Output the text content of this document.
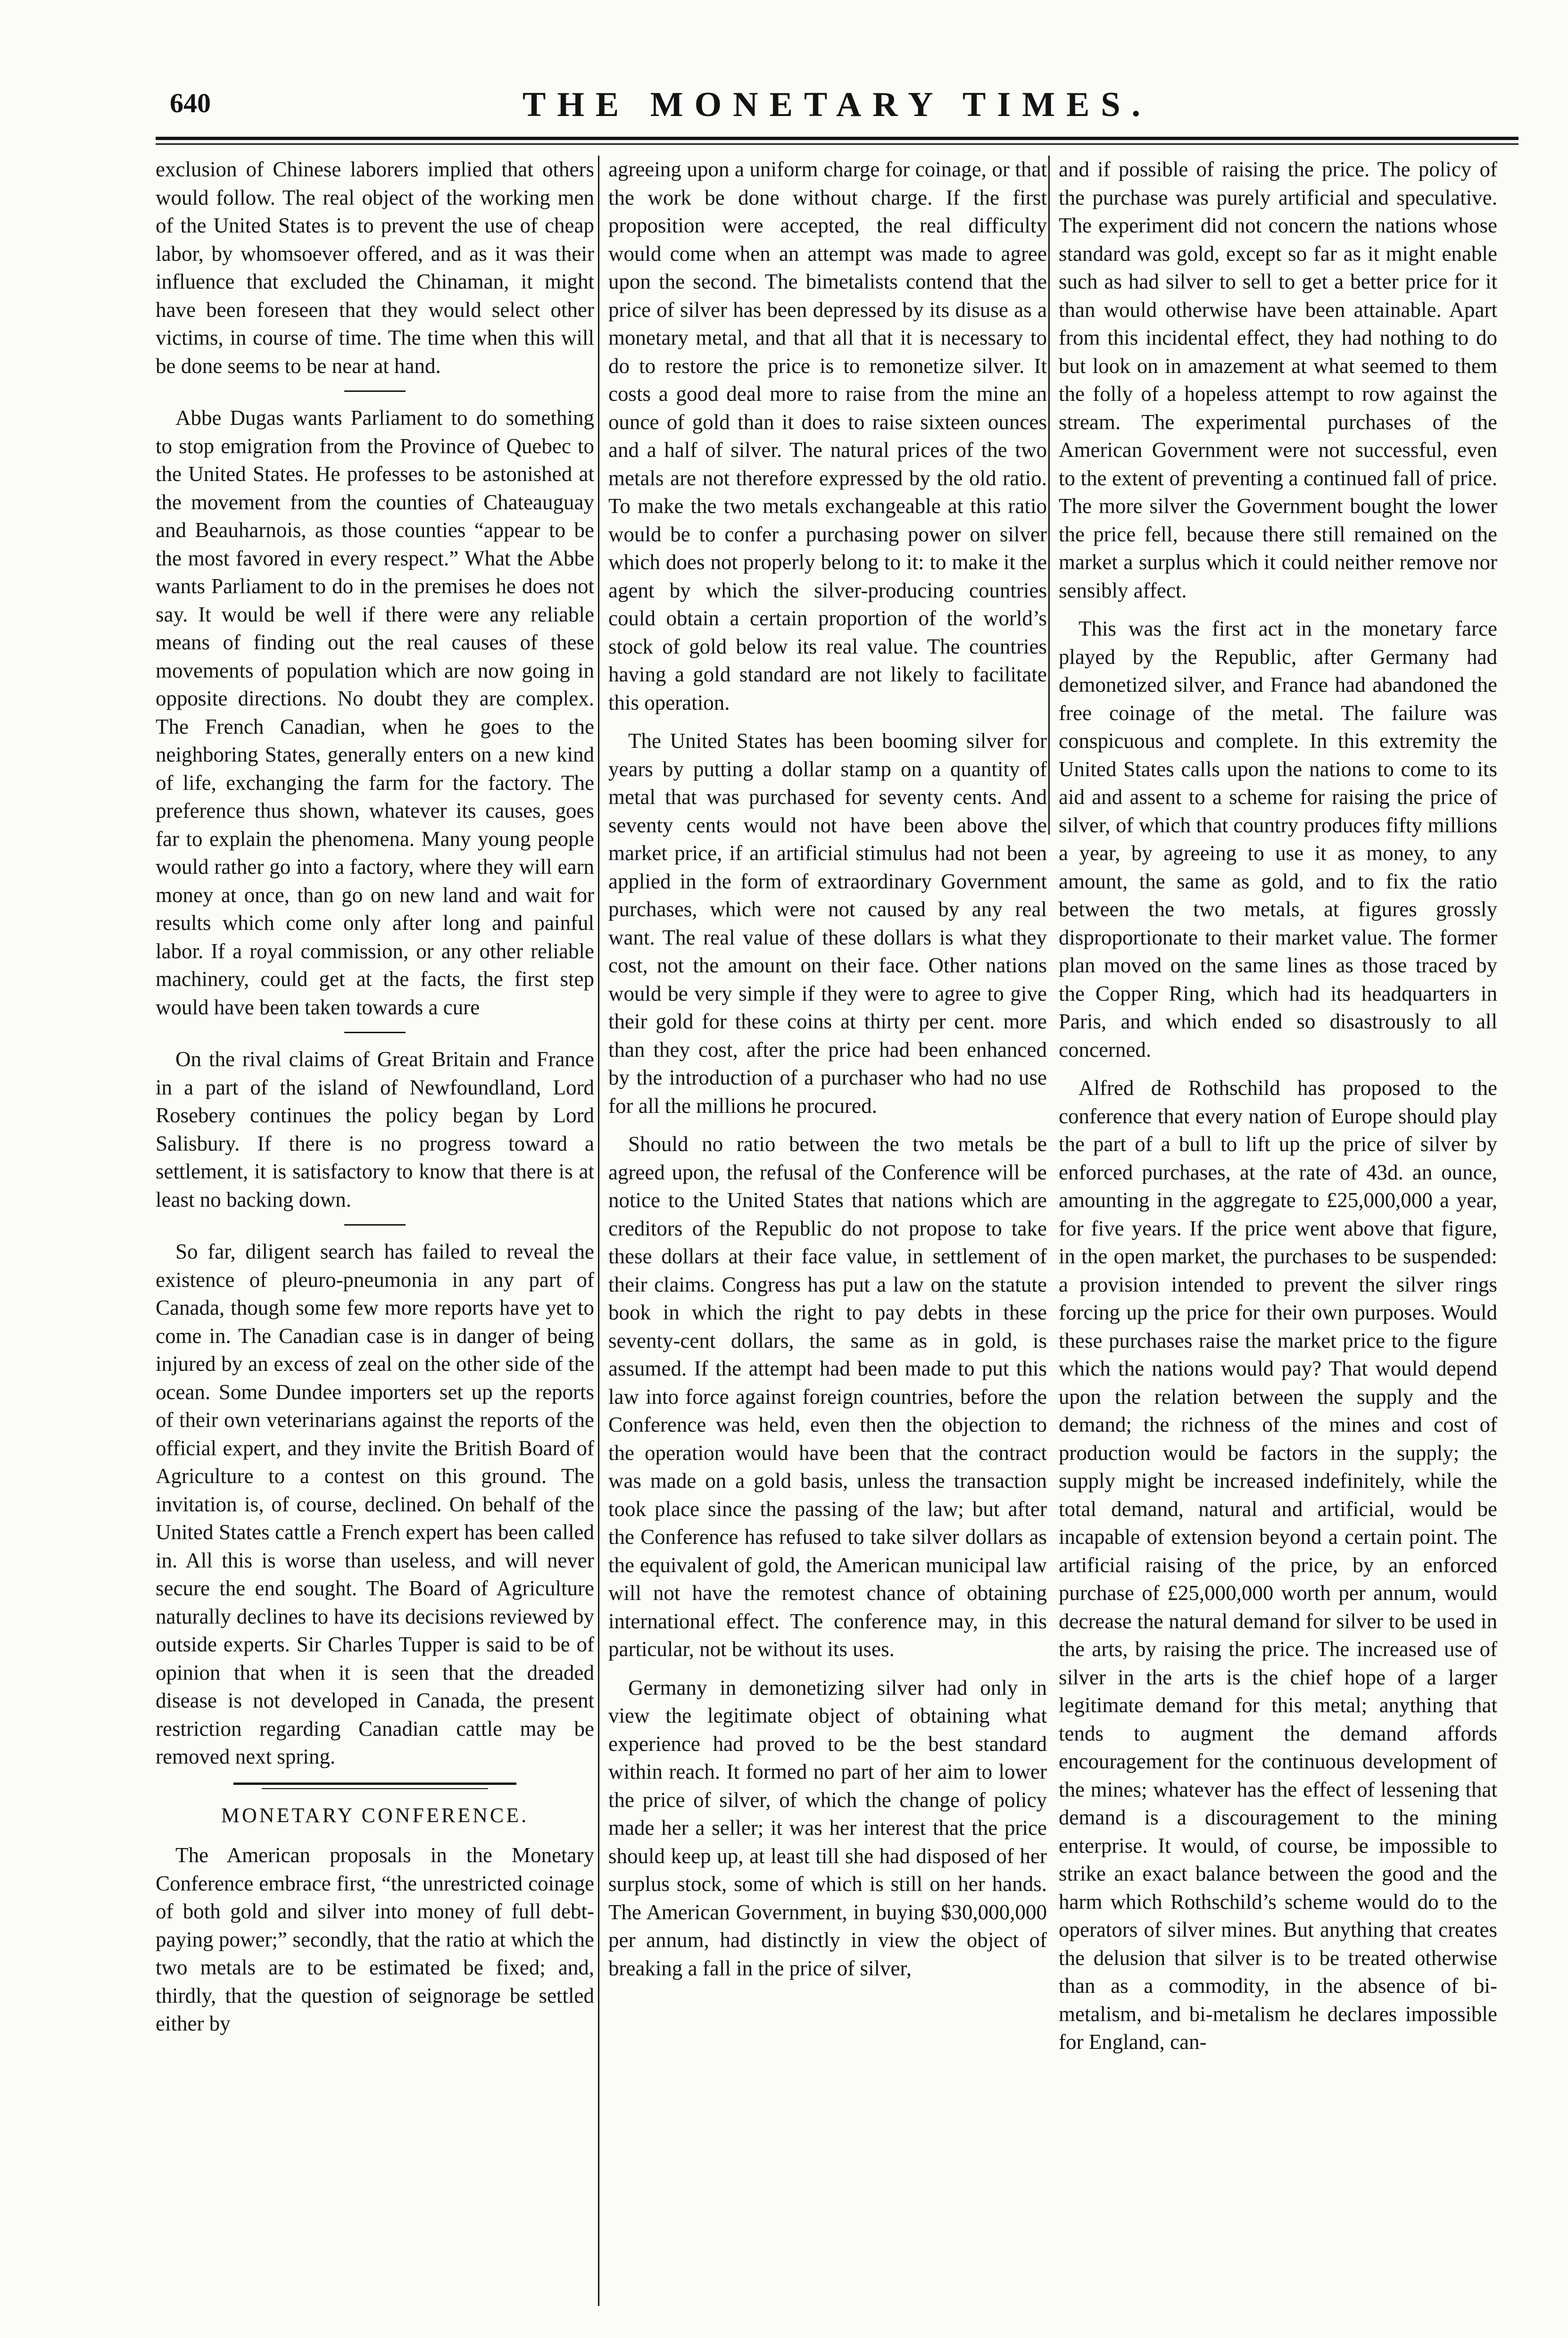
640	THE MONETARY TIMES.

exclusion of Chinese laborers implied that others would follow. The real object of the working men of the United States is to prevent the use of cheap labor, by whomsoever offered, and as it was their influence that excluded the Chinaman, it might have been foreseen that they would select other victims, in course of time. The time when this will be done seems to be near at hand.

Abbe Dugas wants Parliament to do something to stop emigration from the Province of Quebec to the United States. He professes to be astonished at the movement from the counties of Chateauguay and Beauharnois, as those counties “appear to be the most favored in every respect.” What the Abbe wants Parliament to do in the premises he does not say. It would be well if there were any reliable means of finding out the real causes of these movements of population which are now going in opposite directions. No doubt they are complex. The French Canadian, when he goes to the neighboring States, generally enters on a new kind of life, exchanging the farm for the factory. The preference thus shown, whatever its causes, goes far to explain the phenomena. Many young people would rather go into a factory, where they will earn money at once, than go on new land and wait for results which come only after long and painful labor. If a royal commission, or any other reliable machinery, could get at the facts, the first step would have been taken towards a cure

On the rival claims of Great Britain and France in a part of the island of Newfoundland, Lord Rosebery continues the policy began by Lord Salisbury. If there is no progress toward a settlement, it is satisfactory to know that there is at least no backing down.

So far, diligent search has failed to reveal the existence of pleuro-pneumonia in any part of Canada, though some few more reports have yet to come in. The Canadian case is in danger of being injured by an excess of zeal on the other side of the ocean. Some Dundee importers set up the reports of their own veterinarians against the reports of the official expert, and they invite the British Board of Agriculture to a contest on this ground. The invitation is, of course, declined. On behalf of the United States cattle a French expert has been called in. All this is worse than useless, and will never secure the end sought. The Board of Agriculture naturally declines to have its decisions reviewed by outside experts. Sir Charles Tupper is said to be of opinion that when it is seen that the dreaded disease is not developed in Canada, the present restriction regarding Canadian cattle may be removed next spring.

MONETARY CONFERENCE.

The American proposals in the Monetary Conference embrace first, “the unrestricted coinage of both gold and silver into money of full debt-paying power;” secondly, that the ratio at which the two metals are to be estimated be fixed; and, thirdly, that the question of seignorage be settled either by

agreeing upon a uniform charge for coinage, or that the work be done without charge. If the first proposition were accepted, the real difficulty would come when an attempt was made to agree upon the second. The bimetalists contend that the price of silver has been depressed by its disuse as a monetary metal, and that all that it is necessary to do to restore the price is to remonetize silver. It costs a good deal more to raise from the mine an ounce of gold than it does to raise sixteen ounces and a half of silver. The natural prices of the two metals are not therefore expressed by the old ratio. To make the two metals exchangeable at this ratio would be to confer a purchasing power on silver which does not properly belong to it: to make it the agent by which the silver-producing countries could obtain a certain proportion of the world’s stock of gold below its real value. The countries having a gold standard are not likely to facilitate this operation.

The United States has been booming silver for years by putting a dollar stamp on a quantity of metal that was purchased for seventy cents. And seventy cents would not have been above the market price, if an artificial stimulus had not been applied in the form of extraordinary Government purchases, which were not caused by any real want. The real value of these dollars is what they cost, not the amount on their face. Other nations would be very simple if they were to agree to give their gold for these coins at thirty per cent. more than they cost, after the price had been enhanced by the introduction of a purchaser who had no use for all the millions he procured.

Should no ratio between the two metals be agreed upon, the refusal of the Conference will be notice to the United States that nations which are creditors of the Republic do not propose to take these dollars at their face value, in settlement of their claims. Congress has put a law on the statute book in which the right to pay debts in these seventy-cent dollars, the same as in gold, is assumed. If the attempt had been made to put this law into force against foreign countries, before the Conference was held, even then the objection to the operation would have been that the contract was made on a gold basis, unless the transaction took place since the passing of the law; but after the Conference has refused to take silver dollars as the equivalent of gold, the American municipal law will not have the remotest chance of obtaining international effect. The conference may, in this particular, not be without its uses.

Germany in demonetizing silver had only in view the legitimate object of obtaining what experience had proved to be the best standard within reach. It formed no part of her aim to lower the price of silver, of which the change of policy made her a seller; it was her interest that the price should keep up, at least till she had disposed of her surplus stock, some of which is still on her hands. The American Government, in buying $30,000,000 per annum, had distinctly in view the object of breaking a fall in the price of silver,

and if possible of raising the price. The policy of the purchase was purely artificial and speculative. The experiment did not concern the nations whose standard was gold, except so far as it might enable such as had silver to sell to get a better price for it than would otherwise have been attainable. Apart from this incidental effect, they had nothing to do but look on in amazement at what seemed to them the folly of a hopeless attempt to row against the stream. The experimental purchases of the American Government were not successful, even to the extent of preventing a continued fall of price. The more silver the Government bought the lower the price fell, because there still remained on the market a surplus which it could neither remove nor sensibly affect.

This was the first act in the monetary farce played by the Republic, after Germany had demonetized silver, and France had abandoned the free coinage of the metal. The failure was conspicuous and complete. In this extremity the United States calls upon the nations to come to its aid and assent to a scheme for raising the price of silver, of which that country produces fifty millions a year, by agreeing to use it as money, to any amount, the same as gold, and to fix the ratio between the two metals, at figures grossly disproportionate to their market value. The former plan moved on the same lines as those traced by the Copper Ring, which had its headquarters in Paris, and which ended so disastrously to all concerned.

Alfred de Rothschild has proposed to the conference that every nation of Europe should play the part of a bull to lift up the price of silver by enforced purchases, at the rate of 43d. an ounce, amounting in the aggregate to £25,000,000 a year, for five years. If the price went above that figure, in the open market, the purchases to be suspended: a provision intended to prevent the silver rings forcing up the price for their own purposes. Would these purchases raise the market price to the figure which the nations would pay? That would depend upon the relation between the supply and the demand; the richness of the mines and cost of production would be factors in the supply; the supply might be increased indefinitely, while the total demand, natural and artificial, would be incapable of extension beyond a certain point. The artificial raising of the price, by an enforced purchase of £25,000,000 worth per annum, would decrease the natural demand for silver to be used in the arts, by raising the price. The increased use of silver in the arts is the chief hope of a larger legitimate demand for this metal; anything that tends to augment the demand affords encouragement for the continuous development of the mines; whatever has the effect of lessening that demand is a discouragement to the mining enterprise. It would, of course, be impossible to strike an exact balance between the good and the harm which Rothschild’s scheme would do to the operators of silver mines. But anything that creates the delusion that silver is to be treated otherwise than as a commodity, in the absence of bi-metalism, and bi-metalism he declares impossible for England, can-
